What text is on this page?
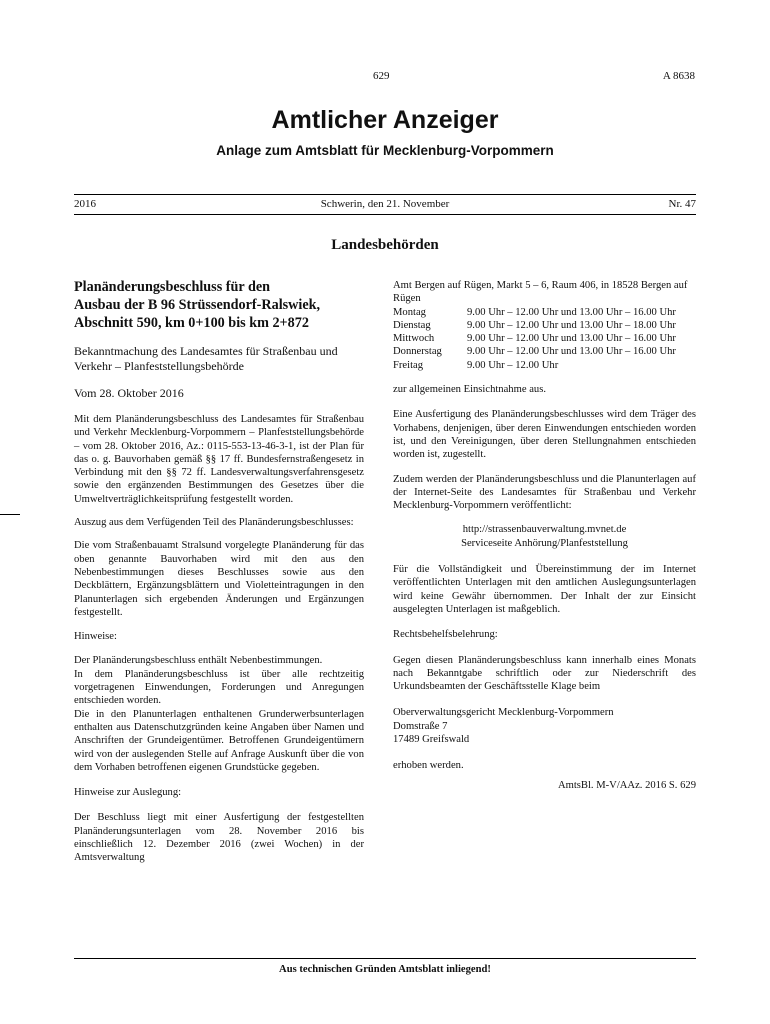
629	A 8638
Amtlicher Anzeiger
Anlage zum Amtsblatt für Mecklenburg-Vorpommern
2016	Schwerin, den 21. November	Nr. 47
Landesbehörden
Planänderungsbeschluss für den
Ausbau der B 96 Strüssendorf-Ralswiek,
Abschnitt 590, km 0+100 bis km 2+872
Bekanntmachung des Landesamtes für Straßenbau und
Verkehr – Planfeststellungsbehörde
Vom 28. Oktober 2016

Mit dem Planänderungsbeschluss des Landesamtes für Straßenbau und Verkehr Mecklenburg-Vorpommern – Planfeststellungsbehörde – vom 28. Oktober 2016, Az.: 0115-553-13-46-3-1, ist der Plan für das o. g. Bauvorhaben gemäß §§ 17 ff. Bundesfernstraßengesetz in Verbindung mit den §§ 72 ff. Landesverwaltungsverfahrensgesetz sowie den ergänzenden Bestimmungen des Gesetzes über die Umweltverträglichkeitsprüfung festgestellt worden.

Auszug aus dem Verfügenden Teil des Planänderungsbeschlusses:

Die vom Straßenbauamt Stralsund vorgelegte Planänderung für das oben genannte Bauvorhaben wird mit den aus den Nebenbestimmungen dieses Beschlusses sowie aus den Deckblättern, Ergänzungsblättern und Violetteintragungen in den Planunterlagen sich ergebenden Änderungen und Ergänzungen festgestellt.

Hinweise:

Der Planänderungsbeschluss enthält Nebenbestimmungen.

In dem Planänderungsbeschluss ist über alle rechtzeitig vorgetragenen Einwendungen, Forderungen und Anregungen entschieden worden.

Die in den Planunterlagen enthaltenen Grunderwerbsunterlagen enthalten aus Datenschutzgründen keine Angaben über Namen und Anschriften der Grundeigentümer. Betroffenen Grundeigentümern wird von der auslegenden Stelle auf Anfrage Auskunft über die von dem Vorhaben betroffenen eigenen Grundstücke gegeben.

Hinweise zur Auslegung:

Der Beschluss liegt mit einer Ausfertigung der festgestellten Planänderungsunterlagen vom 28. November 2016 bis einschließlich 12. Dezember 2016 (zwei Wochen) in der Amtsverwaltung

Amt Bergen auf Rügen, Markt 5 – 6, Raum 406, in 18528 Bergen auf Rügen

Montag	9.00 Uhr – 12.00 Uhr und 13.00 Uhr – 16.00 Uhr
Dienstag	9.00 Uhr – 12.00 Uhr und 13.00 Uhr – 18.00 Uhr
Mittwoch	9.00 Uhr – 12.00 Uhr und 13.00 Uhr – 16.00 Uhr
Donnerstag	9.00 Uhr – 12.00 Uhr und 13.00 Uhr – 16.00 Uhr
Freitag	9.00 Uhr – 12.00 Uhr

zur allgemeinen Einsichtnahme aus.

Eine Ausfertigung des Planänderungsbeschlusses wird dem Träger des Vorhabens, denjenigen, über deren Einwendungen entschieden worden ist, und den Vereinigungen, über deren Stellungnahmen entschieden worden ist, zugestellt.

Zudem werden der Planänderungsbeschluss und die Planunterlagen auf der Internet-Seite des Landesamtes für Straßenbau und Verkehr Mecklenburg-Vorpommern veröffentlicht:

http://strassenbauverwaltung.mvnet.de

Serviceseite Anhörung/Planfeststellung

Für die Vollständigkeit und Übereinstimmung der im Internet veröffentlichten Unterlagen mit den amtlichen Auslegungsunterlagen wird keine Gewähr übernommen. Der Inhalt der zur Einsicht ausgelegten Unterlagen ist maßgeblich.

Rechtsbehelfsbelehrung:

Gegen diesen Planänderungsbeschluss kann innerhalb eines Monats nach Bekanntgabe schriftlich oder zur Niederschrift des Urkundsbeamten der Geschäftsstelle Klage beim

Oberverwaltungsgericht Mecklenburg-Vorpommern
Domstraße 7
17489 Greifswald

erhoben werden.

AmtsBl. M-V/AAz. 2016 S. 629

Aus technischen Gründen Amtsblatt inliegend!
